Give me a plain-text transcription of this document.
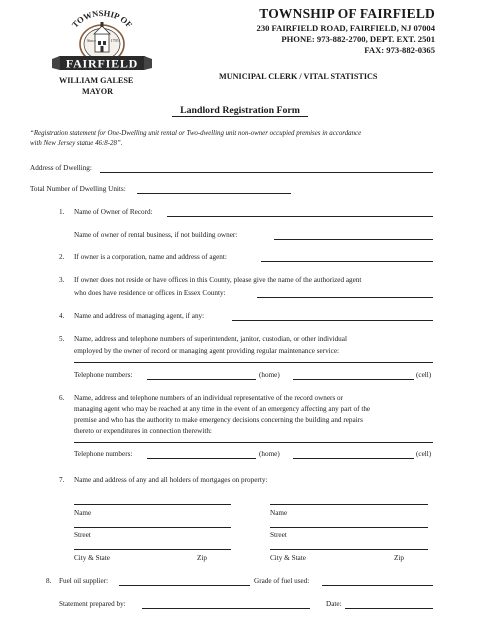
TOWNSHIP OF
Since	1795
FAIRFIELD
WILLIAM GALESE
MAYOR
TOWNSHIP OF FAIRFIELD
230 FAIRFIELD ROAD, FAIRFIELD, NJ 07004
PHONE: 973-882-2700, DEPT. EXT. 2501
FAX: 973-882-0365
MUNICIPAL CLERK / VITAL STATISTICS
Landlord Registration Form
“Registration statement for One-Dwelling unit rental or Two-dwelling unit non-owner occupied premises in accordance
with New Jersey statue 46:8-28”.
Address of Dwelling:
Total Number of Dwelling Units:
1. Name of Owner of Record:
Name of owner of rental business, if not building owner:
2. If owner is a corporation, name and address of agent:
3. If owner does not reside or have offices in this County, please give the name of the authorized agent
who does have residence or offices in Essex County:
4. Name and address of managing agent, if any:
5. Name, address and telephone numbers of superintendent, janitor, custodian, or other individual
employed by the owner of record or managing agent providing regular maintenance service:
Telephone numbers:	(home)	(cell)
6. Name, address and telephone numbers of an individual representative of the record owners or
managing agent who may be reached at any time in the event of an emergency affecting any part of the
premise and who has the authority to make emergency decisions concerning the building and repairs
thereto or expenditures in connection therewith:
Telephone numbers:	(home)	(cell)
7. Name and address of any and all holders of mortgages on property:
Name
Street
City & State	Zip
Name
Street
City & State	Zip
8. Fuel oil supplier:	Grade of fuel used:
Statement prepared by:	Date:
